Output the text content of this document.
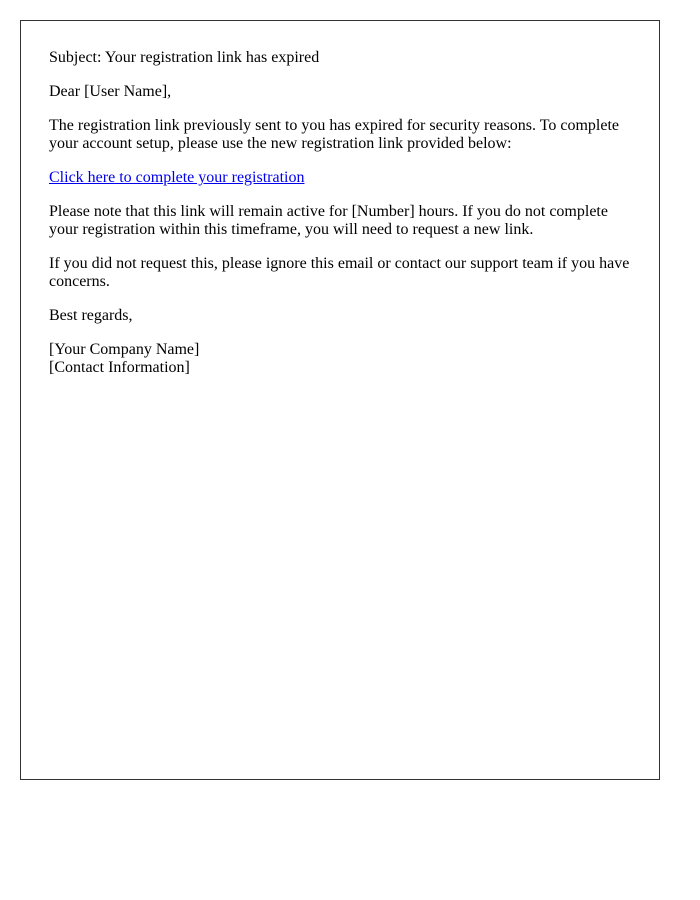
Subject: Your registration link has expired

Dear [User Name],

The registration link previously sent to you has expired for security reasons. To complete your account setup, please use the new registration link provided below:

Click here to complete your registration

Please note that this link will remain active for [Number] hours. If you do not complete your registration within this timeframe, you will need to request a new link.

If you did not request this, please ignore this email or contact our support team if you have concerns.

Best regards,

[Your Company Name]
[Contact Information]
